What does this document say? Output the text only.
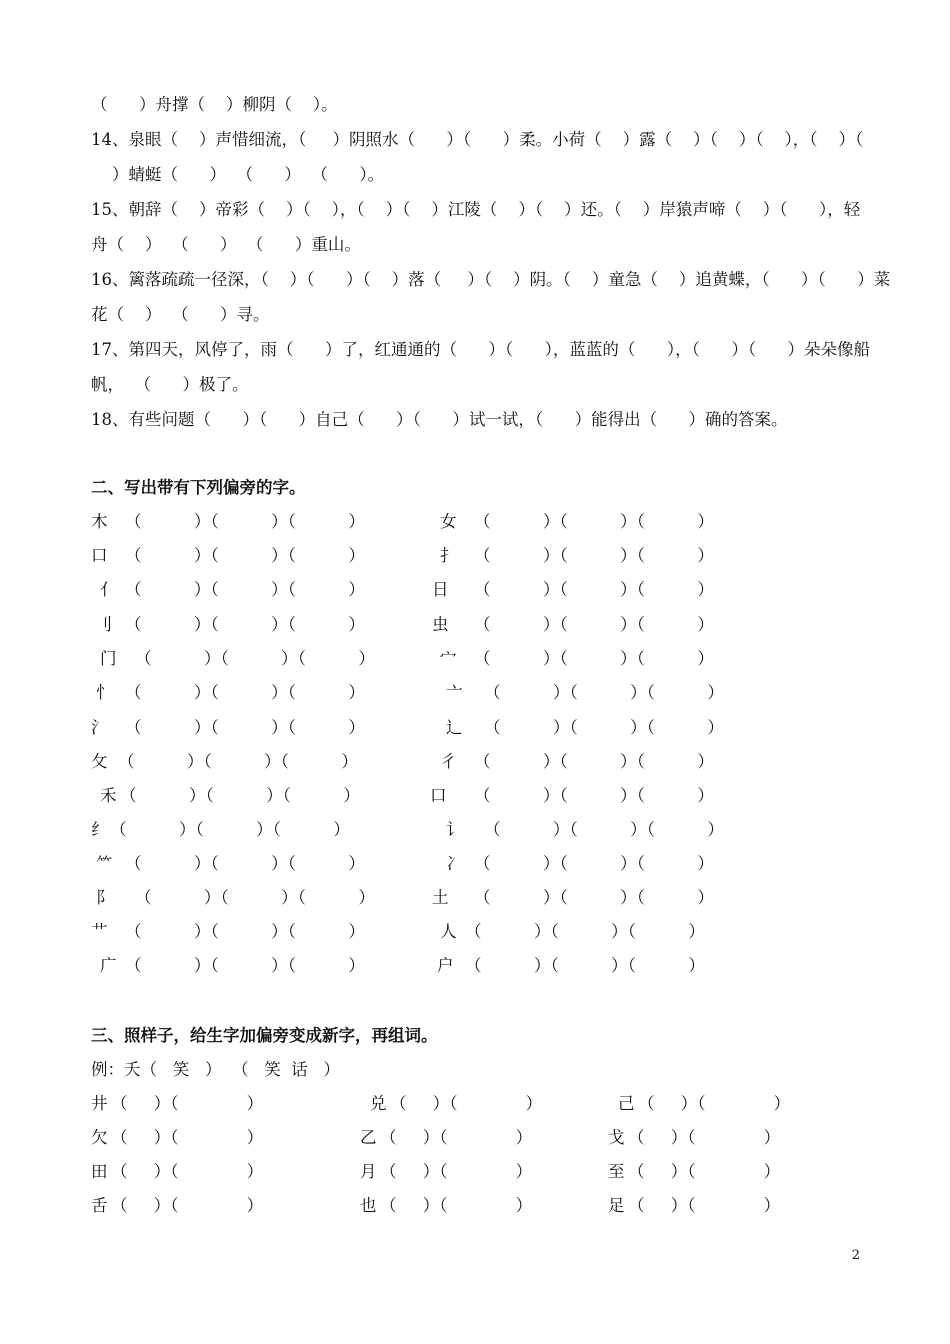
（      ）舟撑（    ）柳阴（    ）。
14、泉眼（    ）声惜细流，（     ）阴照水（      ）（      ）柔。小荷（    ）露（    ）（    ）（    ），（    ）（
）蜻蜓（      ）  （      ）  （      ）。
15、朝辞（    ）帝彩（    ）（    ），（    ）（    ）江陵（    ）（    ）还。（    ）岸猿声啼（    ）（      ），轻
舟（    ）  （      ）  （      ）重山。
16、篱落疏疏一径深，（    ）（      ）（    ）落（     ）（    ）阴。（    ）童急（    ）追黄蝶，（      ）（      ）菜
花（    ）  （      ）寻。
17、第四天，风停了，雨（      ）了，红通通的（      ）（      ），蓝蓝的（      ），（      ）（      ）朵朵像船
帆，  （      ）极了。
18、有些问题（      ）（      ）自己（      ）（      ）试一试，（      ）能得出（      ）确的答案。
二、写出带有下列偏旁的字。
木 （          ）（          ）（          ）	女 （          ）（          ）（          ）
口 （          ）（          ）（          ）	扌 （          ）（          ）（          ）
亻 （          ）（          ）（          ）	日 （          ）（          ）（          ）
刂 （          ）（          ）（          ）	虫 （          ）（          ）（          ）
门 （          ）（          ）（          ）	宀 （          ）（          ）（          ）
忄 （          ）（          ）（          ）	亠 （          ）（          ）（          ）
氵 （          ）（          ）（          ）	辶 （          ）（          ）（          ）
攵 （          ）（          ）（          ）	彳 （          ）（          ）（          ）
禾 （          ）（          ）（          ）	口 （          ）（          ）（          ）
纟 （          ）（          ）（          ）	讠 （          ）（          ）（          ）
⺮ （          ）（          ）（          ）	冫 （          ）（          ）（          ）
阝 （          ）（          ）（          ）	土 （          ）（          ）（          ）
艹 （          ）（          ）（          ）	人 （          ）（          ）（          ）
广 （          ）（          ）（          ）	户 （          ）（          ）（          ）
三、照样子，给生字加偏旁变成新字，再组词。
例：夭（   笑   ）  （   笑  话   ）
井 （     ）（             ）	兑 （     ）（             ）	己 （     ）（             ）
欠 （     ）（             ）	乙 （     ）（             ）	戈 （     ）（             ）
田 （     ）（             ）	月 （     ）（             ）	至 （     ）（             ）
舌 （     ）（             ）	也 （     ）（             ）	足 （     ）（             ）
2
